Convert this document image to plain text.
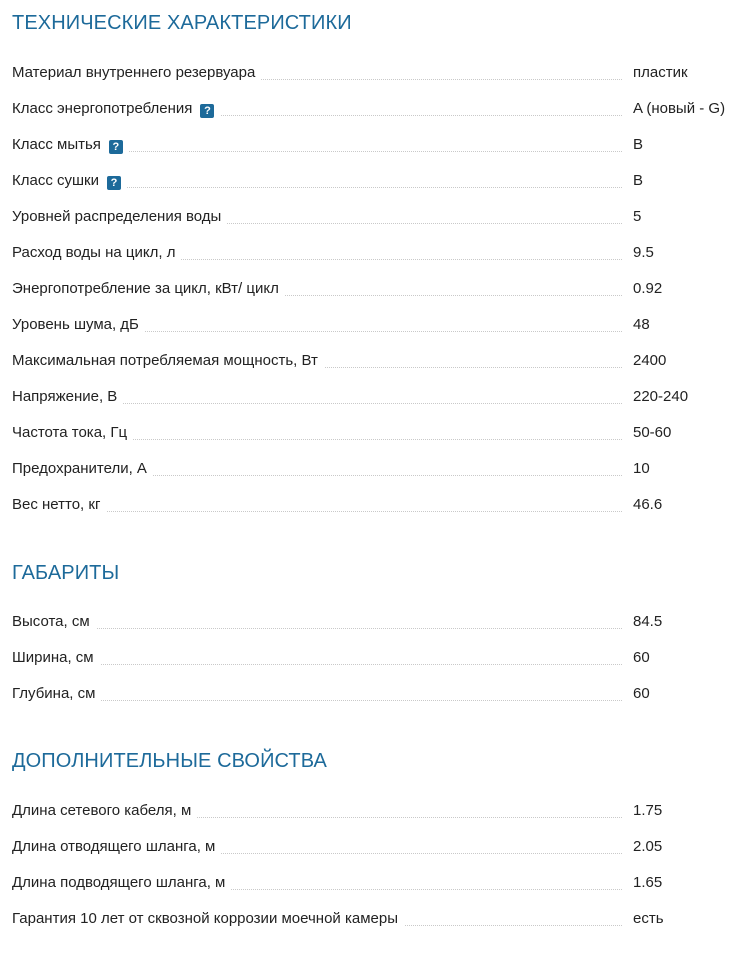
ТЕХНИЧЕСКИЕ ХАРАКТЕРИСТИКИ
Материал внутреннего резервуара	пластик
Класс энергопотребления ?	A (новый - G)
Класс мытья ?	B
Класс сушки ?	B
Уровней распределения воды	5
Расход воды на цикл, л	9.5
Энергопотребление за цикл, кВт/ цикл	0.92
Уровень шума, дБ	48
Максимальная потребляемая мощность, Вт	2400
Напряжение, В	220-240
Частота тока, Гц	50-60
Предохранители, А	10
Вес нетто, кг	46.6
ГАБАРИТЫ
Высота, см	84.5
Ширина, см	60
Глубина, см	60
ДОПОЛНИТЕЛЬНЫЕ СВОЙСТВА
Длина сетевого кабеля, м	1.75
Длина отводящего шланга, м	2.05
Длина подводящего шланга, м	1.65
Гарантия 10 лет от сквозной коррозии моечной камеры	есть
